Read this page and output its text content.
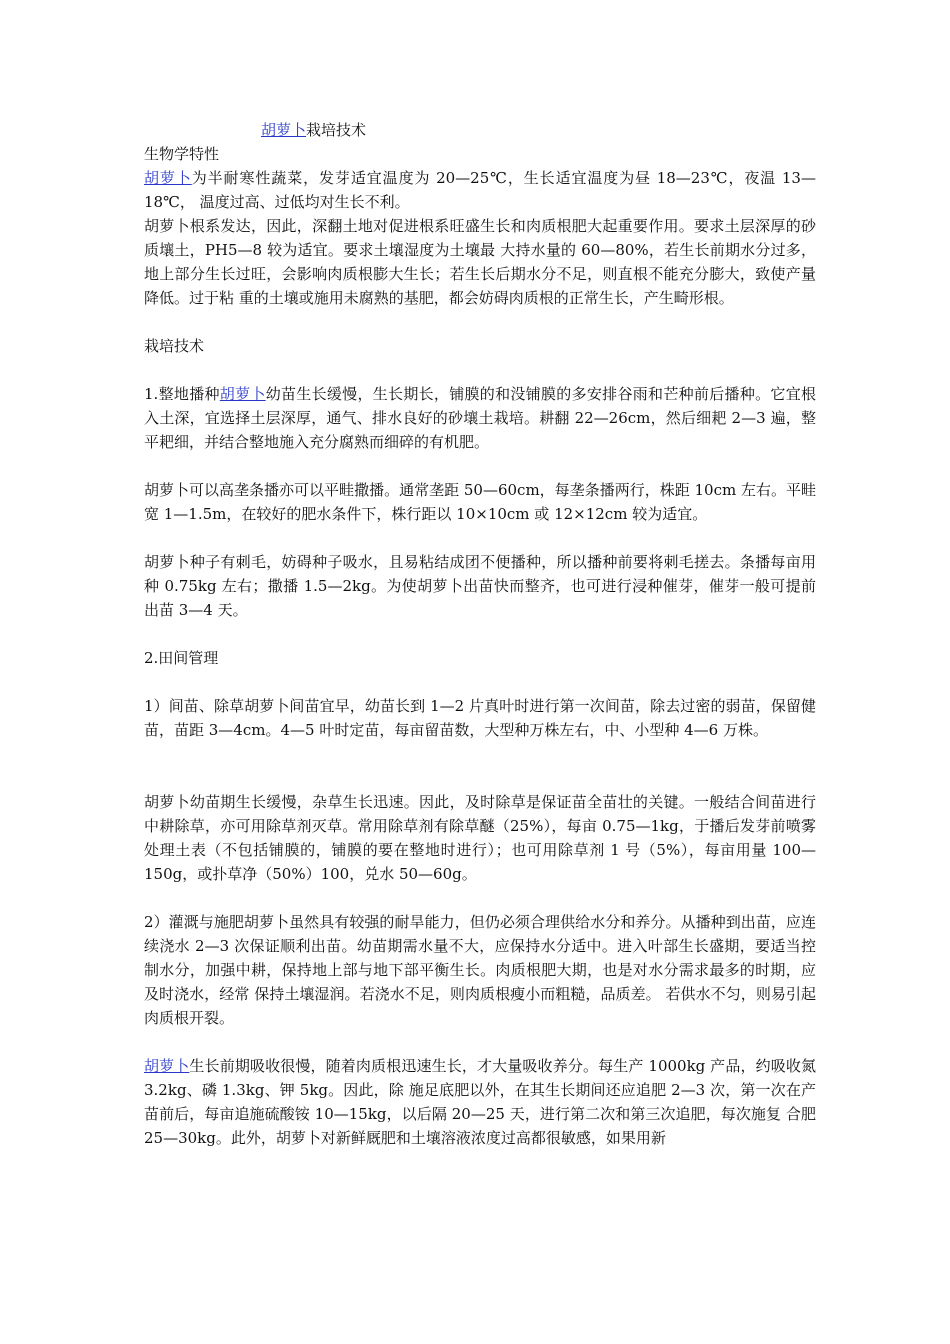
胡萝卜栽培技术

生物学特性

胡萝卜为半耐寒性蔬菜，发芽适宜温度为 20—25℃，生长适宜温度为昼 18—23℃，夜温 13—18℃， 温度过高、过低均对生长不利。

胡萝卜根系发达，因此，深翻土地对促进根系旺盛生长和肉质根肥大起重要作用。要求土层深厚的砂质壤土，PH5—8 较为适宜。要求土壤湿度为土壤最 大持水量的 60—80%，若生长前期水分过多，地上部分生长过旺，会影响肉质根膨大生长；若生长后期水分不足，则直根不能充分膨大，致使产量降低。过于粘 重的土壤或施用未腐熟的基肥，都会妨碍肉质根的正常生长，产生畸形根。

栽培技术

1.整地播种胡萝卜幼苗生长缓慢，生长期长，铺膜的和没铺膜的多安排谷雨和芒种前后播种。它宜根入土深，宜选择土层深厚，通气、排水良好的砂壤土栽培。耕翻 22—26cm，然后细耙 2—3 遍，整平耙细，并结合整地施入充分腐熟而细碎的有机肥。

胡萝卜可以高垄条播亦可以平畦撒播。通常垄距 50—60cm，每垄条播两行，株距 10cm 左右。平畦宽 1—1.5m，在较好的肥水条件下，株行距以 10×10cm 或 12×12cm 较为适宜。

胡萝卜种子有刺毛，妨碍种子吸水，且易粘结成团不便播种，所以播种前要将刺毛搓去。条播每亩用种 0.75kg 左右；撒播 1.5—2kg。为使胡萝卜出苗快而整齐，也可进行浸种催芽，催芽一般可提前出苗 3—4 天。

2.田间管理

1）间苗、除草胡萝卜间苗宜早，幼苗长到 1—2 片真叶时进行第一次间苗，除去过密的弱苗，保留健苗，苗距 3—4cm。4—5 叶时定苗，每亩留苗数，大型种万株左右，中、小型种 4—6 万株。

胡萝卜幼苗期生长缓慢，杂草生长迅速。因此，及时除草是保证苗全苗壮的关键。一般结合间苗进行中耕除草，亦可用除草剂灭草。常用除草剂有除草醚（25%），每亩 0.75—1kg，于播后发芽前喷雾处理土表（不包括铺膜的，铺膜的要在整地时进行）；也可用除草剂 1 号（5%），每亩用量 100— 150g，或扑草净（50%）100，兑水 50—60g。

2）灌溉与施肥胡萝卜虽然具有较强的耐旱能力，但仍必须合理供给水分和养分。从播种到出苗，应连续浇水 2—3 次保证顺利出苗。幼苗期需水量不大，应保持水分适中。进入叶部生长盛期，要适当控制水分，加强中耕，保持地上部与地下部平衡生长。肉质根肥大期，也是对水分需求最多的时期，应及时浇水，经常 保持土壤湿润。若浇水不足，则肉质根瘦小而粗糙，品质差。 若供水不匀，则易引起肉质根开裂。

胡萝卜生长前期吸收很慢，随着肉质根迅速生长，才大量吸收养分。每生产 1000kg 产品，约吸收氮 3.2kg、磷 1.3kg、钾 5kg。因此，除 施足底肥以外，在其生长期间还应追肥 2—3 次，第一次在产苗前后，每亩追施硫酸铵 10—15kg，以后隔 20—25 天，进行第二次和第三次追肥，每次施复 合肥 25—30kg。此外，胡萝卜对新鲜厩肥和土壤溶液浓度过高都很敏感，如果用新
